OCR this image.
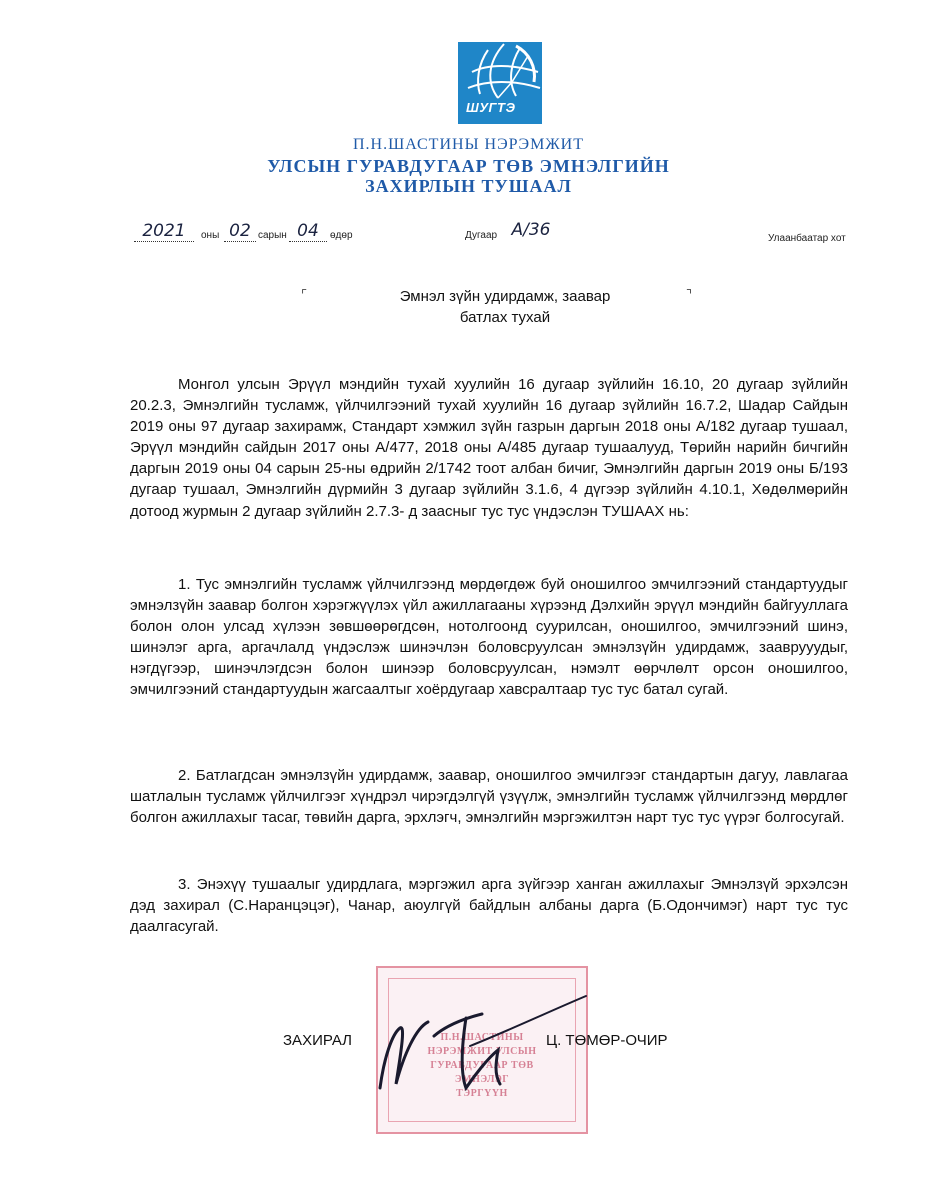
ШУГТЭ
П.Н.ШАСТИНЫ НЭРЭМЖИТ
УЛСЫН ГУРАВДУГААР ТӨВ ЭМНЭЛГИЙН
ЗАХИРЛЫН ТУШААЛ
2021	оны 02 сарын 04	өдөр	Дугаар А/36	Улаанбаатар хот
⌜	⌝
Эмнэл зүйн удирдамж, заавар
батлах тухай

Монгол улсын Эрүүл мэндийн тухай хуулийн 16 дугаар зүйлийн 16.10, 20 дугаар зүйлийн 20.2.3, Эмнэлгийн тусламж, үйлчилгээний тухай хуулийн 16 дугаар зүйлийн 16.7.2, Шадар Сайдын 2019 оны 97 дугаар захирамж, Стандарт хэмжил зүйн газрын даргын 2018 оны А/182 дугаар тушаал, Эрүүл мэндийн сайдын 2017 оны А/477, 2018 оны А/485 дугаар тушаалууд, Төрийн нарийн бичгийн даргын 2019 оны 04 сарын 25-ны өдрийн 2/1742 тоот албан бичиг, Эмнэлгийн даргын 2019 оны Б/193 дугаар тушаал, Эмнэлгийн дүрмийн 3 дугаар зүйлийн 3.1.6, 4 дүгээр зүйлийн 4.10.1, Хөдөлмөрийн дотоод журмын 2 дугаар зүйлийн 2.7.3- д заасныг тус тус үндэслэн ТУШААХ нь:

1. Тус эмнэлгийн тусламж үйлчилгээнд мөрдөгдөж буй оношилгоо эмчилгээний стандартуудыг эмнэлзүйн заавар болгон хэрэгжүүлэх үйл ажиллагааны хүрээнд Дэлхийн эрүүл мэндийн байгууллага болон олон улсад хүлээн зөвшөөрөгдсөн, нотолгоонд суурилсан, оношилгоо, эмчилгээний шинэ, шинэлэг арга, аргачлалд үндэслэж шинэчлэн боловсруулсан эмнэлзүйн удирдамж, зааврууудыг, нэгдүгээр, шинэчлэгдсэн болон шинээр боловсруулсан, нэмэлт өөрчлөлт орсон оношилгоо, эмчилгээний стандартуудын жагсаалтыг хоёрдугаар хавсралтаар тус тус батал сугай.

2. Батлагдсан эмнэлзүйн удирдамж, заавар, оношилгоо эмчилгээг стандартын дагуу, лавлагаа шатлалын тусламж үйлчилгээг хүндрэл чирэгдэлгүй үзүүлж, эмнэлгийн тусламж үйлчилгээнд мөрдлөг болгон ажиллахыг тасаг, төвийн дарга, эрхлэгч, эмнэлгийн мэргэжилтэн нарт тус тус үүрэг болгосугай.

3. Энэхүү тушаалыг удирдлага, мэргэжил арга зүйгээр ханган ажиллахыг Эмнэлзүй эрхэлсэн дэд захирал (С.Наранцэцэг), Чанар, аюулгүй байдлын албаны дарга (Б.Одончимэг) нарт тус тус даалгасугай.

П.Н.ШАСТИНЫ
НЭРЭМЖИТ УЛСЫН
ГУРАВДУГААР ТӨВ
ЭМНЭЛЭГ
ТЭРГҮҮН
ЗАХИРАЛ	Ц. ТӨМӨР-ОЧИР
